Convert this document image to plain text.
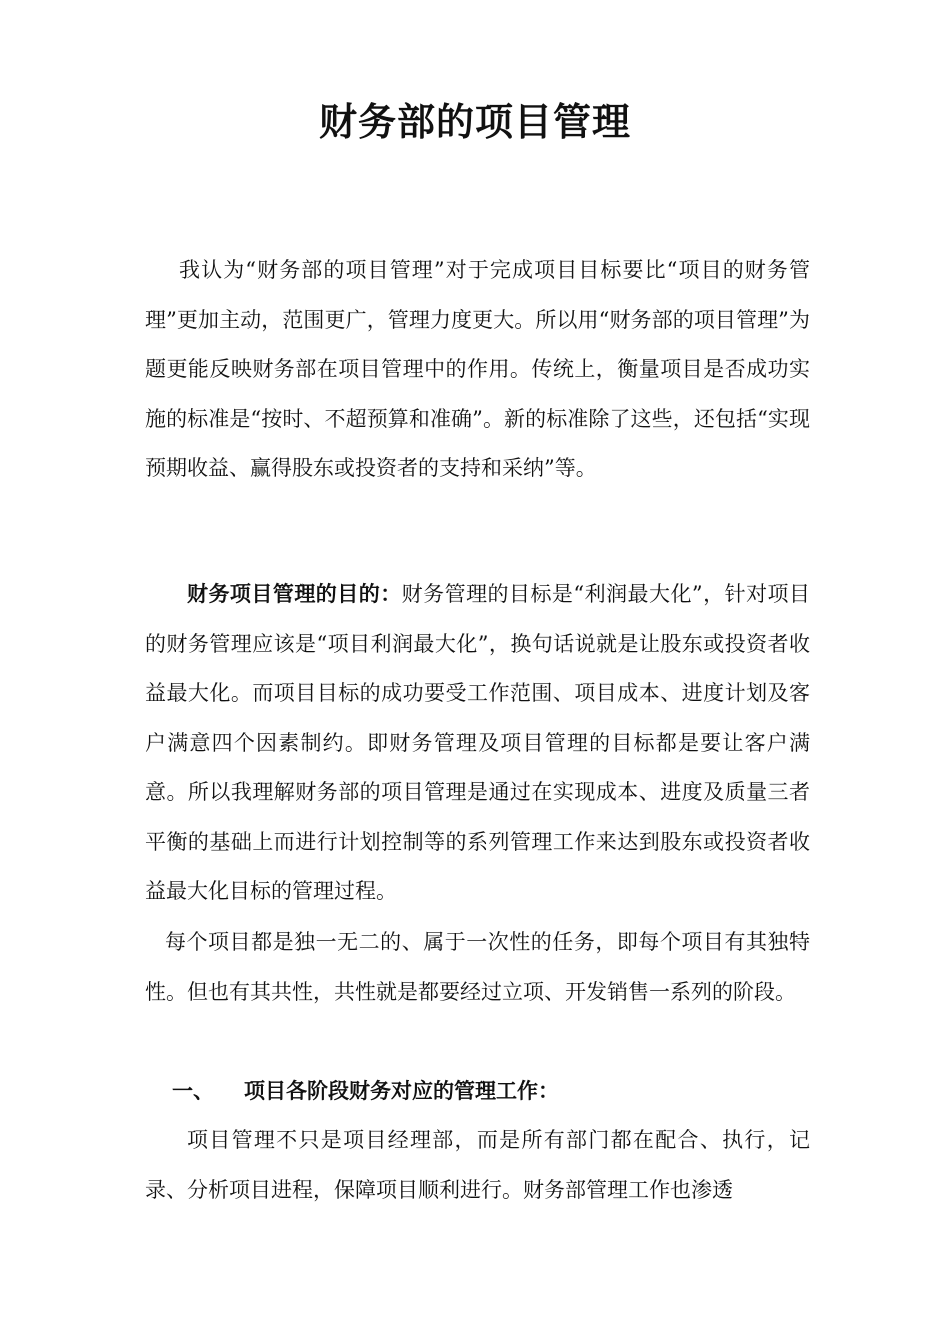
财务部的项目管理
我认为“财务部的项目管理”对于完成项目目标要比“项目的财务管理”更加主动，范围更广，管理力度更大。所以用“财务部的项目管理”为题更能反映财务部在项目管理中的作用。传统上，衡量项目是否成功实施的标准是“按时、不超预算和准确”。新的标准除了这些，还包括“实现预期收益、赢得股东或投资者的支持和采纳”等。
财务项目管理的目的：财务管理的目标是“利润最大化”，针对项目的财务管理应该是“项目利润最大化”，换句话说就是让股东或投资者收益最大化。而项目目标的成功要受工作范围、项目成本、进度计划及客户满意四个因素制约。即财务管理及项目管理的目标都是要让客户满意。所以我理解财务部的项目管理是通过在实现成本、进度及质量三者平衡的基础上而进行计划控制等的系列管理工作来达到股东或投资者收益最大化目标的管理过程。
每个项目都是独一无二的、属于一次性的任务，即每个项目有其独特性。但也有其共性，共性就是都要经过立项、开发销售一系列的阶段。
一、 项目各阶段财务对应的管理工作：
项目管理不只是项目经理部，而是所有部门都在配合、执行，记录、分析项目进程，保障项目顺利进行。财务部管理工作也渗透
